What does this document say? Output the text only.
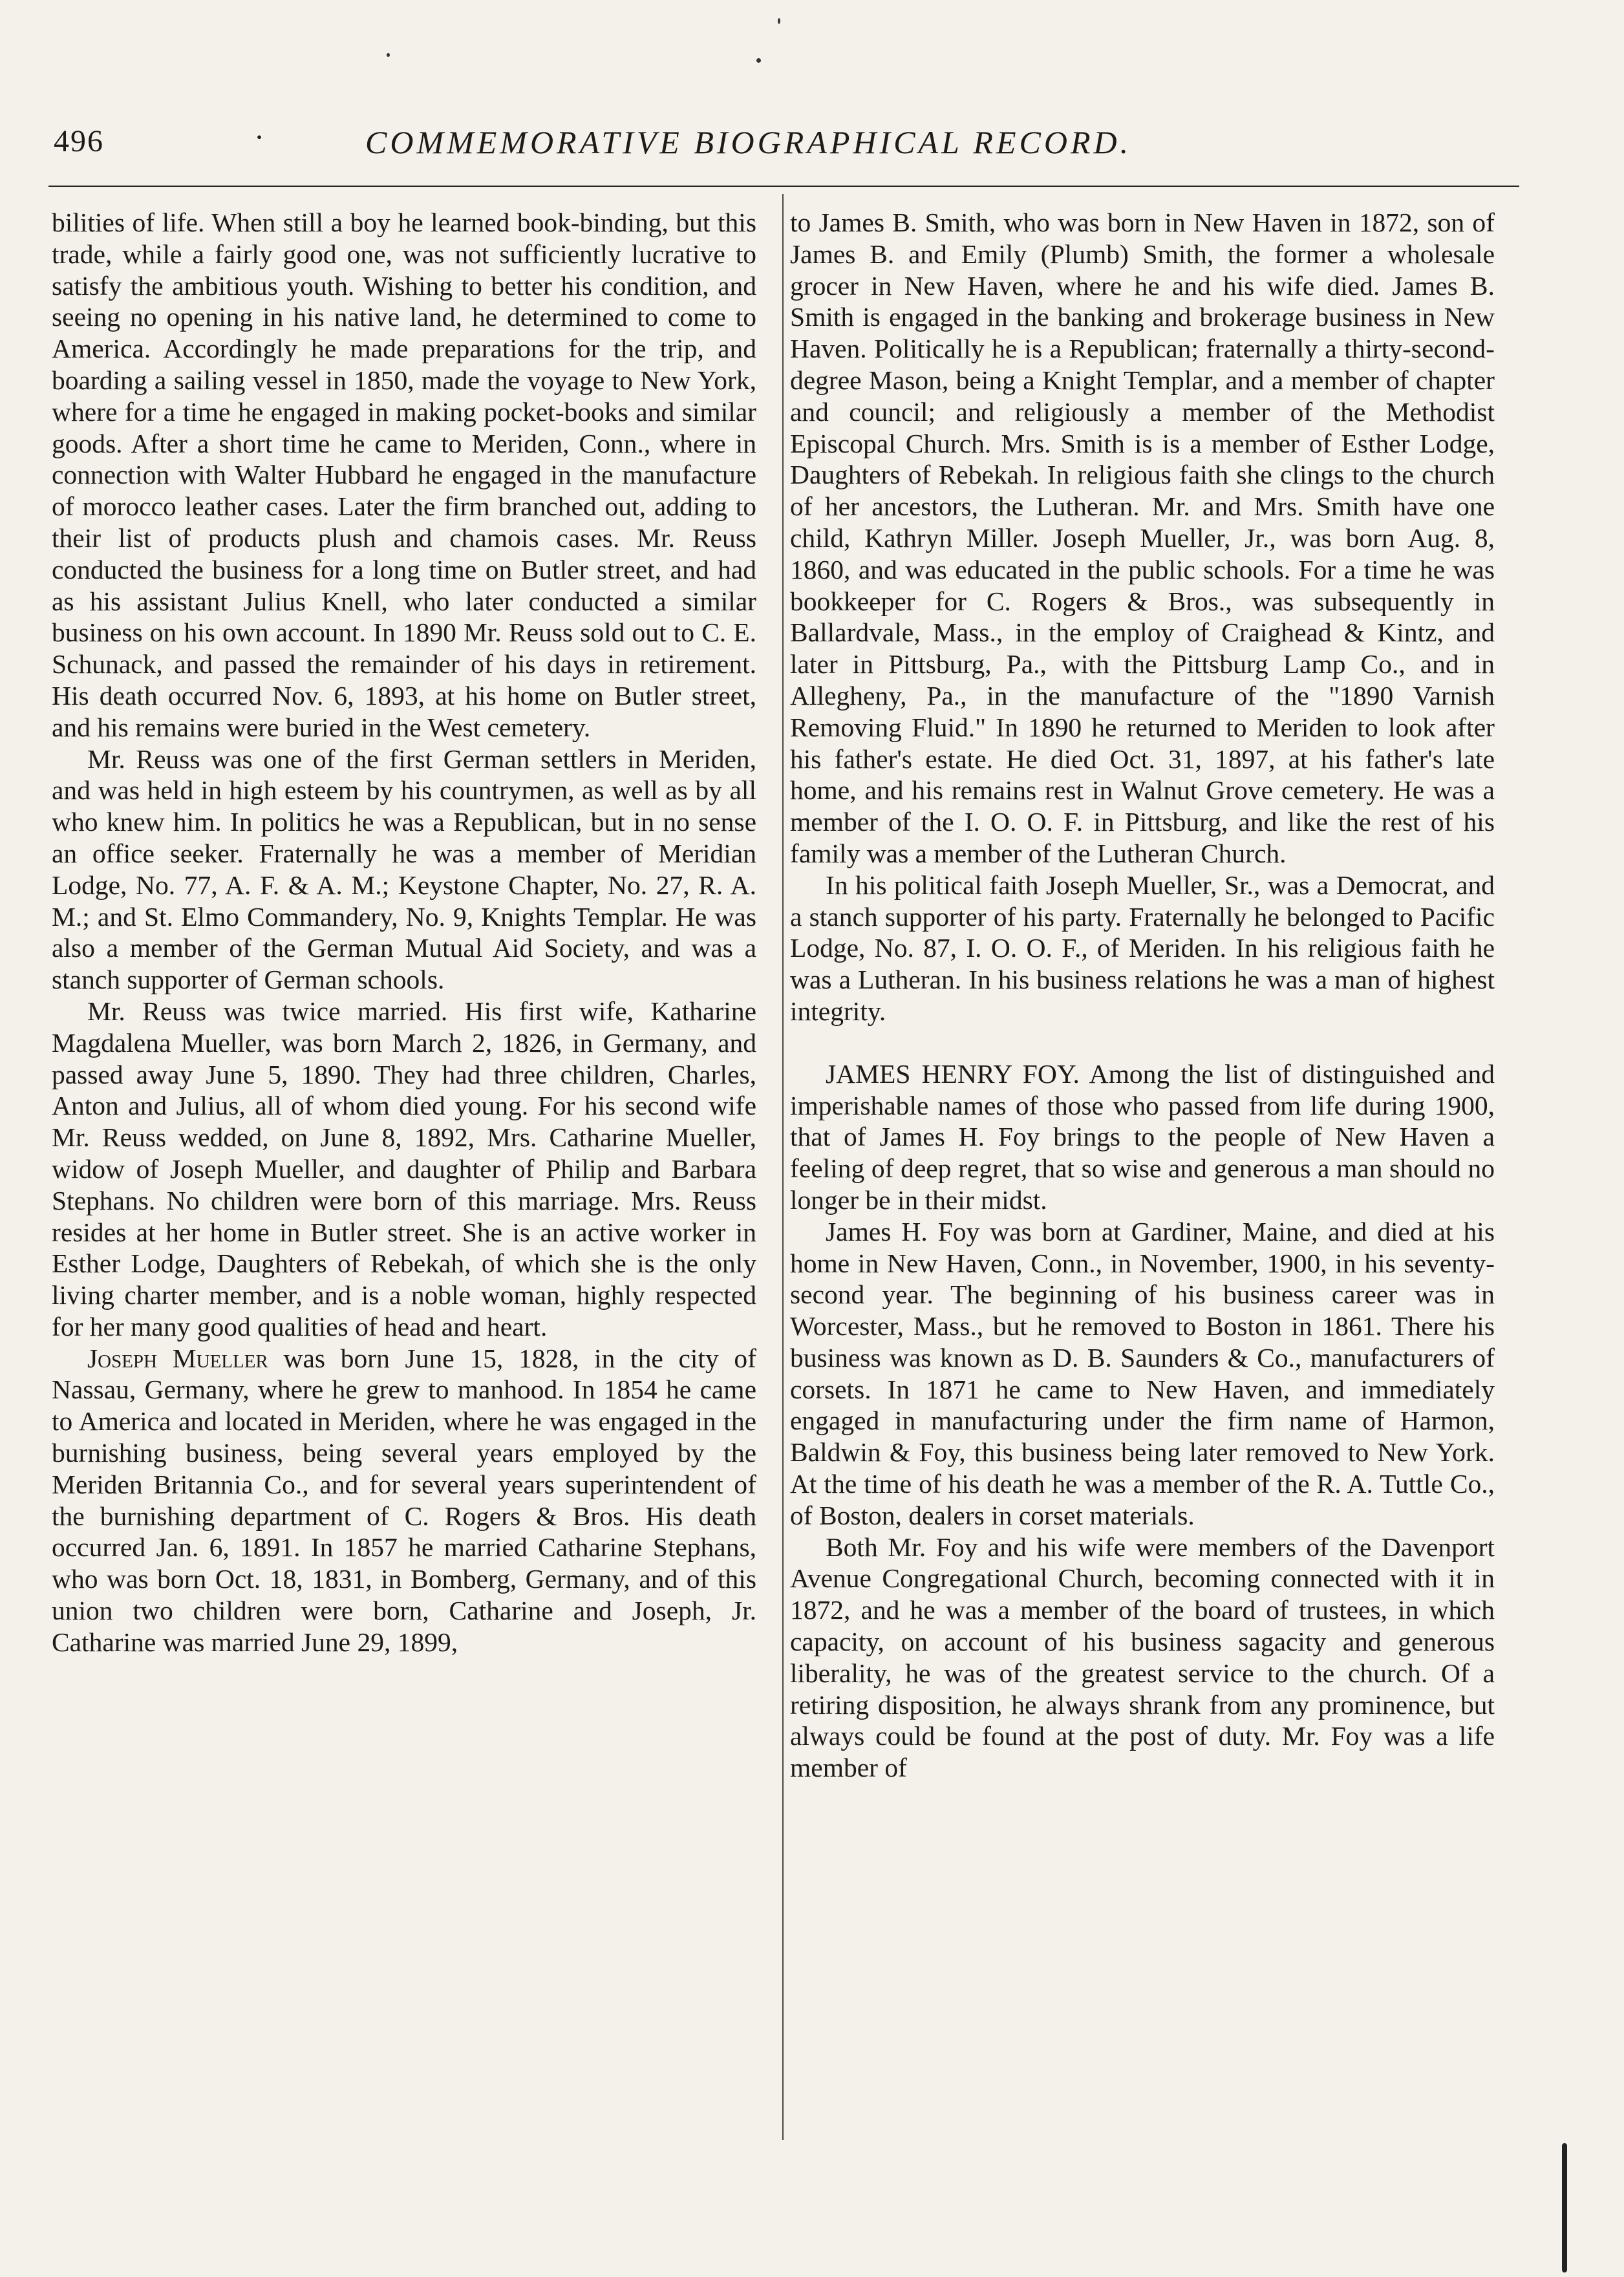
496	·	COMMEMORATIVE BIOGRAPHICAL RECORD.

bilities of life. When still a boy he learned book-binding, but this trade, while a fairly good one, was not sufficiently lucrative to satisfy the ambitious youth. Wishing to better his condition, and seeing no opening in his native land, he determined to come to America. Accordingly he made preparations for the trip, and boarding a sailing vessel in 1850, made the voyage to New York, where for a time he engaged in making pocket-books and similar goods. After a short time he came to Meriden, Conn., where in connection with Walter Hubbard he engaged in the manufacture of morocco leather cases. Later the firm branched out, adding to their list of products plush and chamois cases. Mr. Reuss conducted the business for a long time on Butler street, and had as his assistant Julius Knell, who later conducted a similar business on his own account. In 1890 Mr. Reuss sold out to C. E. Schunack, and passed the remainder of his days in retirement. His death occurred Nov. 6, 1893, at his home on Butler street, and his remains were buried in the West cemetery.

Mr. Reuss was one of the first German settlers in Meriden, and was held in high esteem by his countrymen, as well as by all who knew him. In politics he was a Republican, but in no sense an office seeker. Fraternally he was a member of Meridian Lodge, No. 77, A. F. & A. M.; Keystone Chapter, No. 27, R. A. M.; and St. Elmo Commandery, No. 9, Knights Templar. He was also a member of the German Mutual Aid Society, and was a stanch supporter of German schools.

Mr. Reuss was twice married. His first wife, Katharine Magdalena Mueller, was born March 2, 1826, in Germany, and passed away June 5, 1890. They had three children, Charles, Anton and Julius, all of whom died young. For his second wife Mr. Reuss wedded, on June 8, 1892, Mrs. Catharine Mueller, widow of Joseph Mueller, and daughter of Philip and Barbara Stephans. No children were born of this marriage. Mrs. Reuss resides at her home in Butler street. She is an active worker in Esther Lodge, Daughters of Rebekah, of which she is the only living charter member, and is a noble woman, highly respected for her many good qualities of head and heart.

Joseph Mueller was born June 15, 1828, in the city of Nassau, Germany, where he grew to manhood. In 1854 he came to America and located in Meriden, where he was engaged in the burnishing business, being several years employed by the Meriden Britannia Co., and for several years superintendent of the burnishing department of C. Rogers & Bros. His death occurred Jan. 6, 1891. In 1857 he married Catharine Stephans, who was born Oct. 18, 1831, in Bomberg, Germany, and of this union two children were born, Catharine and Joseph, Jr. Catharine was married June 29, 1899,

to James B. Smith, who was born in New Haven in 1872, son of James B. and Emily (Plumb) Smith, the former a wholesale grocer in New Haven, where he and his wife died. James B. Smith is engaged in the banking and brokerage business in New Haven. Politically he is a Republican; fraternally a thirty-second-degree Mason, being a Knight Templar, and a member of chapter and council; and religiously a member of the Methodist Episcopal Church. Mrs. Smith is is a member of Esther Lodge, Daughters of Rebekah. In religious faith she clings to the church of her ancestors, the Lutheran. Mr. and Mrs. Smith have one child, Kathryn Miller. Joseph Mueller, Jr., was born Aug. 8, 1860, and was educated in the public schools. For a time he was bookkeeper for C. Rogers & Bros., was subsequently in Ballardvale, Mass., in the employ of Craighead & Kintz, and later in Pittsburg, Pa., with the Pittsburg Lamp Co., and in Allegheny, Pa., in the manufacture of the "1890 Varnish Removing Fluid." In 1890 he returned to Meriden to look after his father's estate. He died Oct. 31, 1897, at his father's late home, and his remains rest in Walnut Grove cemetery. He was a member of the I. O. O. F. in Pittsburg, and like the rest of his family was a member of the Lutheran Church.

In his political faith Joseph Mueller, Sr., was a Democrat, and a stanch supporter of his party. Fraternally he belonged to Pacific Lodge, No. 87, I. O. O. F., of Meriden. In his religious faith he was a Lutheran. In his business relations he was a man of highest integrity.

JAMES HENRY FOY. Among the list of distinguished and imperishable names of those who passed from life during 1900, that of James H. Foy brings to the people of New Haven a feeling of deep regret, that so wise and generous a man should no longer be in their midst.

James H. Foy was born at Gardiner, Maine, and died at his home in New Haven, Conn., in November, 1900, in his seventy-second year. The beginning of his business career was in Worcester, Mass., but he removed to Boston in 1861. There his business was known as D. B. Saunders & Co., manufacturers of corsets. In 1871 he came to New Haven, and immediately engaged in manufacturing under the firm name of Harmon, Baldwin & Foy, this business being later removed to New York. At the time of his death he was a member of the R. A. Tuttle Co., of Boston, dealers in corset materials.

Both Mr. Foy and his wife were members of the Davenport Avenue Congregational Church, becoming connected with it in 1872, and he was a member of the board of trustees, in which capacity, on account of his business sagacity and generous liberality, he was of the greatest service to the church. Of a retiring disposition, he always shrank from any prominence, but always could be found at the post of duty. Mr. Foy was a life member of
